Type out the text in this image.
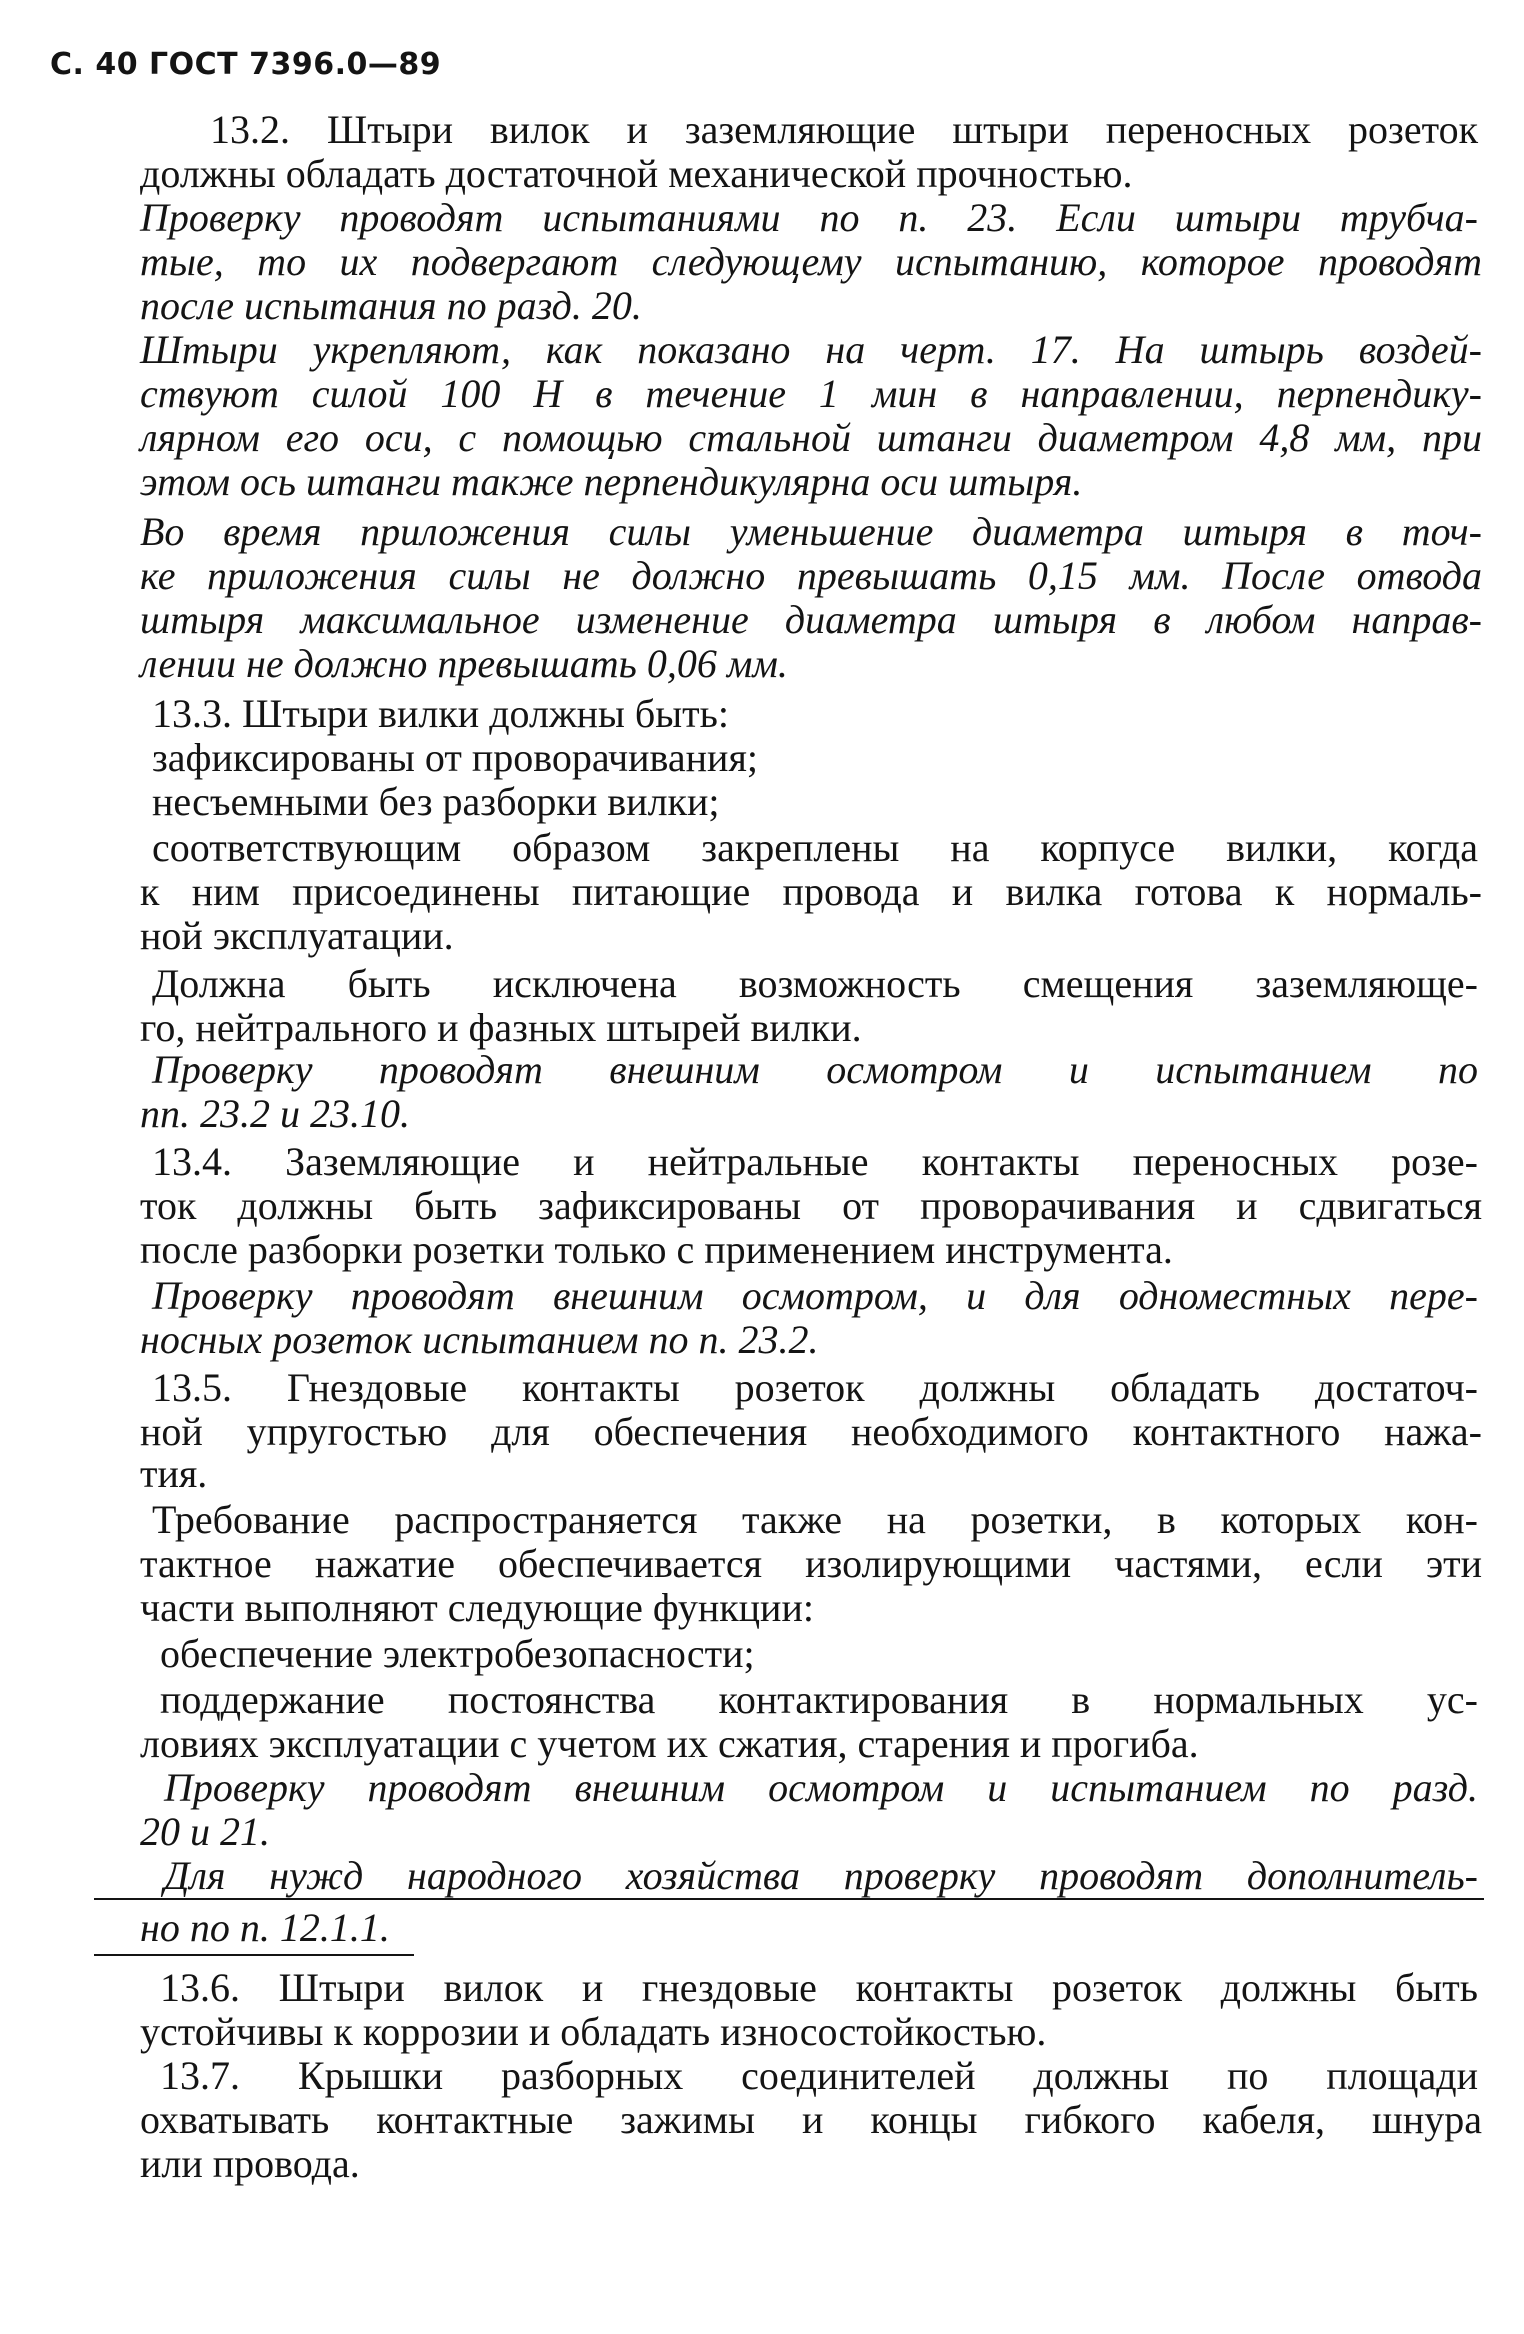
С. 40 ГОСТ 7396.0—89
13.2. Штыри вилок и заземляющие штыри переносных розеток
должны обладать достаточной механической прочностью.
Проверку проводят испытаниями по п. 23. Если штыри трубча-
тые, то их подвергают следующему испытанию, которое проводят
после испытания по разд. 20.
Штыри укрепляют, как показано на черт. 17. На штырь воздей-
ствуют силой 100 Н в течение 1 мин в направлении, перпендику-
лярном его оси, с помощью стальной штанги диаметром 4,8 мм, при
этом ось штанги также перпендикулярна оси штыря.
Во время приложения силы уменьшение диаметра штыря в точ-
ке приложения силы не должно превышать 0,15 мм. После отвода
штыря максимальное изменение диаметра штыря в любом направ-
лении не должно превышать 0,06 мм.
13.3. Штыри вилки должны быть:
зафиксированы от проворачивания;
несъемными без разборки вилки;
соответствующим образом закреплены на корпусе вилки, когда
к ним присоединены питающие провода и вилка готова к нормаль-
ной эксплуатации.
Должна быть исключена возможность смещения заземляюще-
го, нейтрального и фазных штырей вилки.
Проверку проводят внешним осмотром и испытанием по
пп. 23.2 и 23.10.
13.4. Заземляющие и нейтральные контакты переносных розе-
ток должны быть зафиксированы от проворачивания и сдвигаться
после разборки розетки только с применением инструмента.
Проверку проводят внешним осмотром, и для одноместных пере-
носных розеток испытанием по п. 23.2.
13.5. Гнездовые контакты розеток должны обладать достаточ-
ной упругостью для обеспечения необходимого контактного нажа-
тия.
Требование распространяется также на розетки, в которых кон-
тактное нажатие обеспечивается изолирующими частями, если эти
части выполняют следующие функции:
обеспечение электробезопасности;
поддержание постоянства контактирования в нормальных ус-
ловиях эксплуатации с учетом их сжатия, старения и прогиба.
Проверку проводят внешним осмотром и испытанием по разд.
20 и 21.
Для нужд народного хозяйства проверку проводят дополнитель-
но по п. 12.1.1.
13.6. Штыри вилок и гнездовые контакты розеток должны быть
устойчивы к коррозии и обладать износостойкостью.
13.7. Крышки разборных соединителей должны по площади
охватывать контактные зажимы и концы гибкого кабеля, шнура
или провода.
